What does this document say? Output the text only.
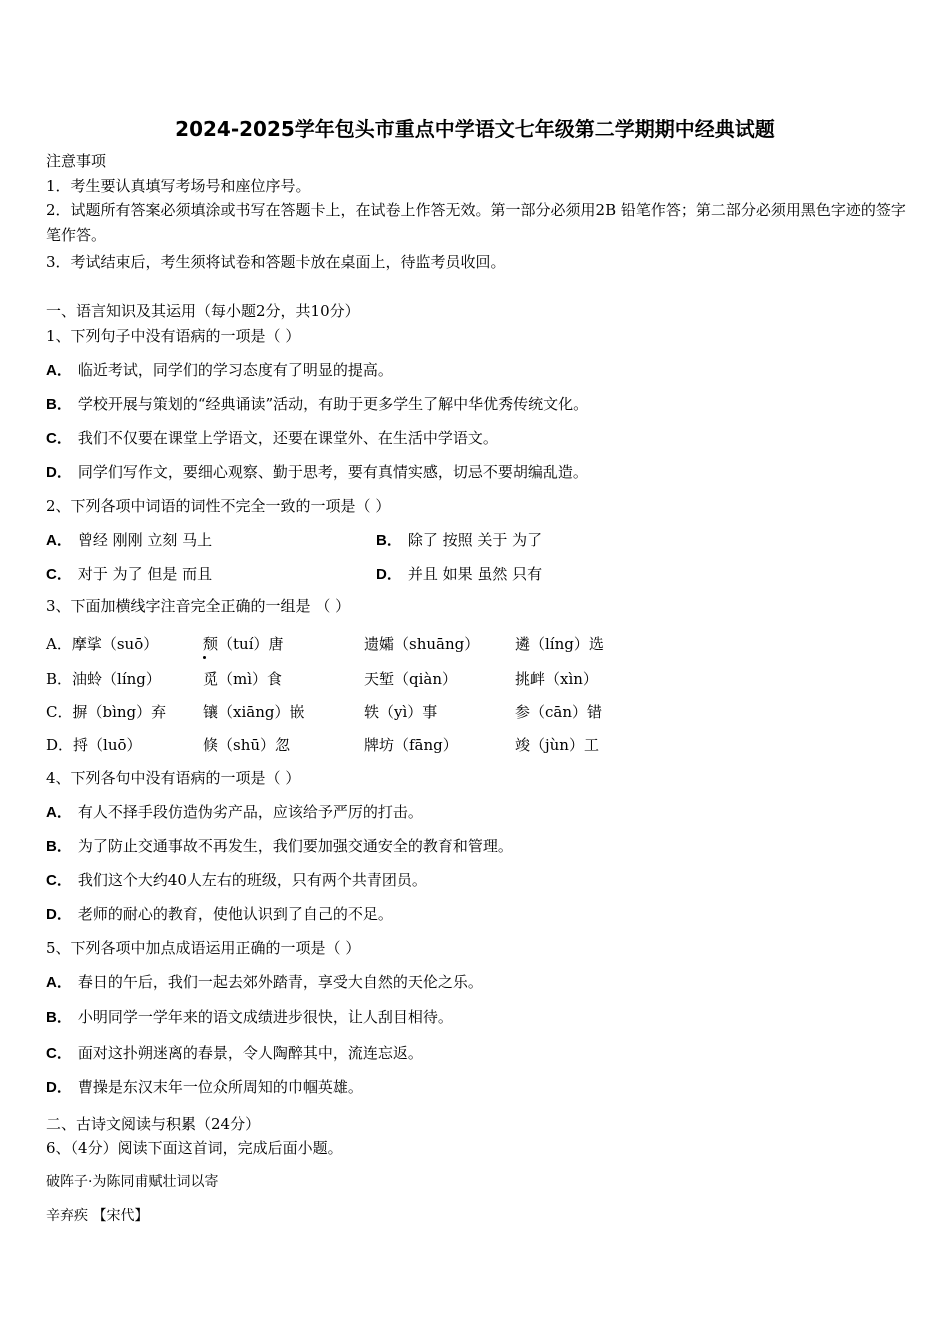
2024-2025学年包头市重点中学语文七年级第二学期期中经典试题
注意事项
1．考生要认真填写考场号和座位序号。
2．试题所有答案必须填涂或书写在答题卡上，在试卷上作答无效。第一部分必须用2B 铅笔作答；第二部分必须用黑色字迹的签字笔作答。
3．考试结束后，考生须将试卷和答题卡放在桌面上，待监考员收回。
一、语言知识及其运用（每小题2分，共10分）
1、下列句子中没有语病的一项是（ ）
A． 临近考试，同学们的学习态度有了明显的提高。
B． 学校开展与策划的“经典诵读”活动，有助于更多学生了解中华优秀传统文化。
C． 我们不仅要在课堂上学语文，还要在课堂外、在生活中学语文。
D． 同学们写作文，要细心观察、勤于思考，要有真情实感，切忌不要胡编乱造。
2、下列各项中词语的词性不完全一致的一项是（ ）
A． 曾经 刚刚 立刻 马上	B． 除了 按照 关于 为了
C． 对于 为了 但是 而且	D． 并且 如果 虽然 只有
3、下面加横线字注音完全正确的一组是 （ ）
A．摩挲（suō）	颓（tuí）唐	遗孀（shuāng） 遴（líng）选
B．油蛉（líng）	觅（mì）食	天堑（qiàn）	挑衅（xìn）
C．摒（bìng）弃 镶（xiāng）嵌	轶（yì）事	参（cān）错
D．捋（luō）	倏（shū）忽	牌坊（fāng）	竣（jùn）工
4、下列各句中没有语病的一项是（ ）
A． 有人不择手段仿造伪劣产品，应该给予严厉的打击。
B． 为了防止交通事故不再发生，我们要加强交通安全的教育和管理。
C． 我们这个大约40人左右的班级，只有两个共青团员。
D． 老师的耐心的教育，使他认识到了自己的不足。
5、下列各项中加点成语运用正确的一项是（ ）
A． 春日的午后，我们一起去郊外踏青，享受大自然的天伦之乐。
B． 小明同学一学年来的语文成绩进步很快，让人刮目相待。
C． 面对这扑朔迷离的春景，令人陶醉其中，流连忘返。
D． 曹操是东汉末年一位众所周知的巾帼英雄。
二、古诗文阅读与积累（24分）
6、（4分）阅读下面这首词，完成后面小题。
破阵子·为陈同甫赋壮词以寄
辛弃疾 【宋代】
